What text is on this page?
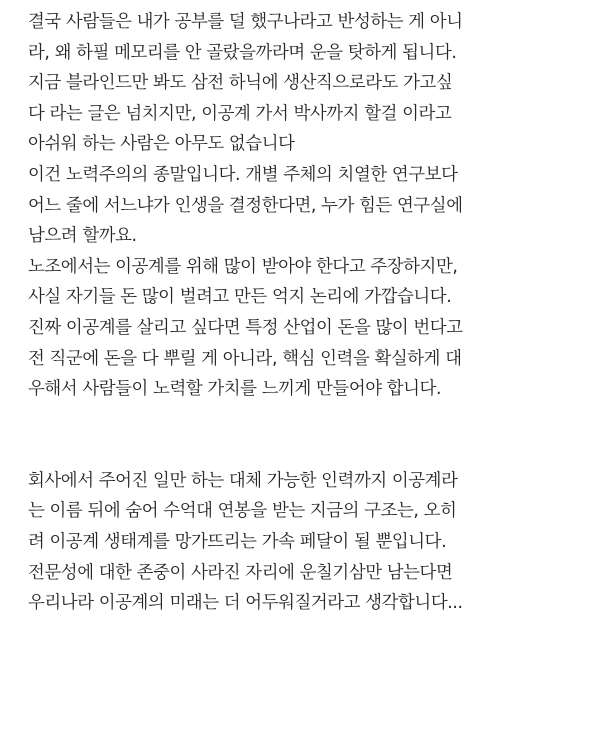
결국 사람들은 내가 공부를 덜 했구나라고 반성하는 게 아니
라, 왜 하필 메모리를 안 골랐을까라며 운을 탓하게 됩니다.
지금 블라인드만 봐도 삼전 하닉에 생산직으로라도 가고싶
다 라는 글은 넘치지만, 이공계 가서 박사까지 할걸 이라고
아쉬워 하는 사람은 아무도 없습니다
이건 노력주의의 종말입니다. 개별 주체의 치열한 연구보다
어느 줄에 서느냐가 인생을 결정한다면, 누가 힘든 연구실에
남으려 할까요.
노조에서는 이공계를 위해 많이 받아야 한다고 주장하지만,
사실 자기들 돈 많이 벌려고 만든 억지 논리에 가깝습니다.
진짜 이공계를 살리고 싶다면 특정 산업이 돈을 많이 번다고
전 직군에 돈을 다 뿌릴 게 아니라, 핵심 인력을 확실하게 대
우해서 사람들이 노력할 가치를 느끼게 만들어야 합니다.
회사에서 주어진 일만 하는 대체 가능한 인력까지 이공계라
는 이름 뒤에 숨어 수억대 연봉을 받는 지금의 구조는, 오히
려 이공계 생태계를 망가뜨리는 가속 페달이 될 뿐입니다.
전문성에 대한 존중이 사라진 자리에 운칠기삼만 남는다면
우리나라 이공계의 미래는 더 어두워질거라고 생각합니다...
